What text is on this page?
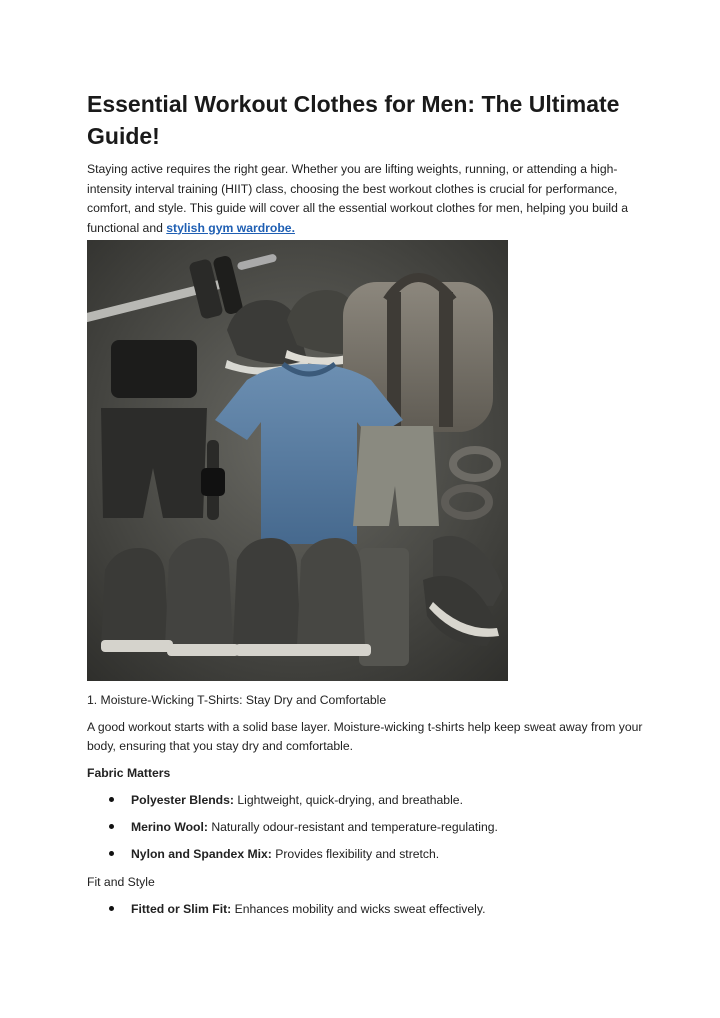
Essential Workout Clothes for Men: The Ultimate Guide!

Staying active requires the right gear. Whether you are lifting weights, running, or attending a high-intensity interval training (HIIT) class, choosing the best workout clothes is crucial for performance, comfort, and style. This guide will cover all the essential workout clothes for men, helping you build a functional and stylish gym wardrobe.

1. Moisture-Wicking T-Shirts: Stay Dry and Comfortable

A good workout starts with a solid base layer. Moisture-wicking t-shirts help keep sweat away from your body, ensuring that you stay dry and comfortable.

Fabric Matters

Polyester Blends: Lightweight, quick-drying, and breathable.
Merino Wool: Naturally odour-resistant and temperature-regulating.
Nylon and Spandex Mix: Provides flexibility and stretch.

Fit and Style

Fitted or Slim Fit: Enhances mobility and wicks sweat effectively.
